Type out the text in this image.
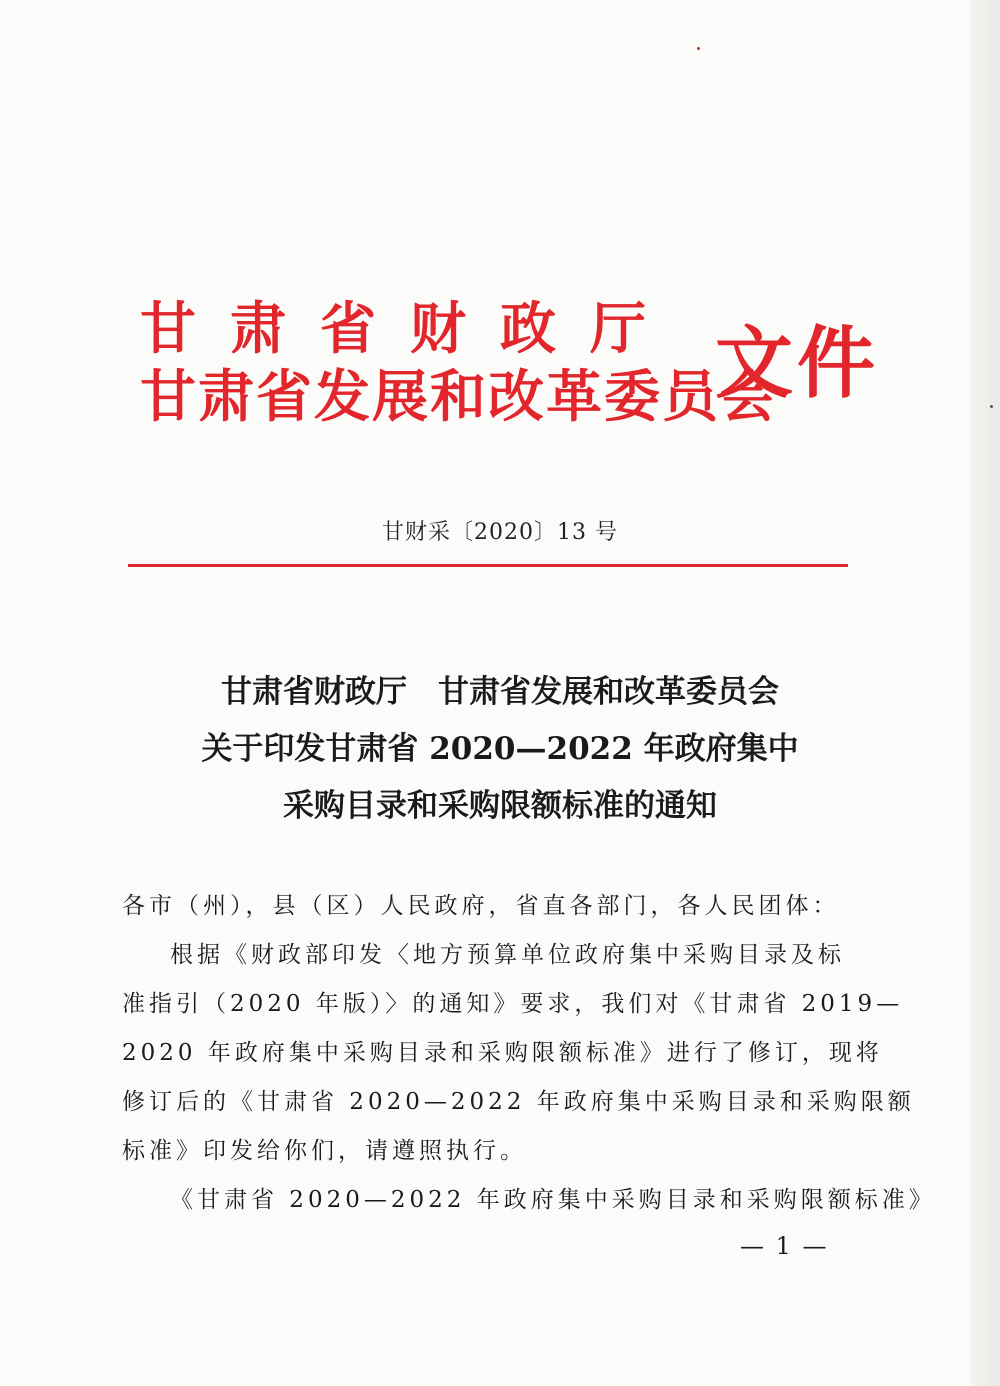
甘肃省财政厅
甘肃省发展和改革委员会
文件
甘财采〔2020〕13 号
甘肃省财政厅　甘肃省发展和改革委员会
关于印发甘肃省 2020—2022 年政府集中
采购目录和采购限额标准的通知

各市（州），县（区）人民政府，省直各部门，各人民团体：

根据《财政部印发〈地方预算单位政府集中采购目录及标

准指引（2020 年版）〉的通知》要求，我们对《甘肃省 2019—

2020 年政府集中采购目录和采购限额标准》进行了修订，现将

修订后的《甘肃省 2020—2022 年政府集中采购目录和采购限额

标准》印发给你们，请遵照执行。

《甘肃省 2020—2022 年政府集中采购目录和采购限额标准》

— 1 —
